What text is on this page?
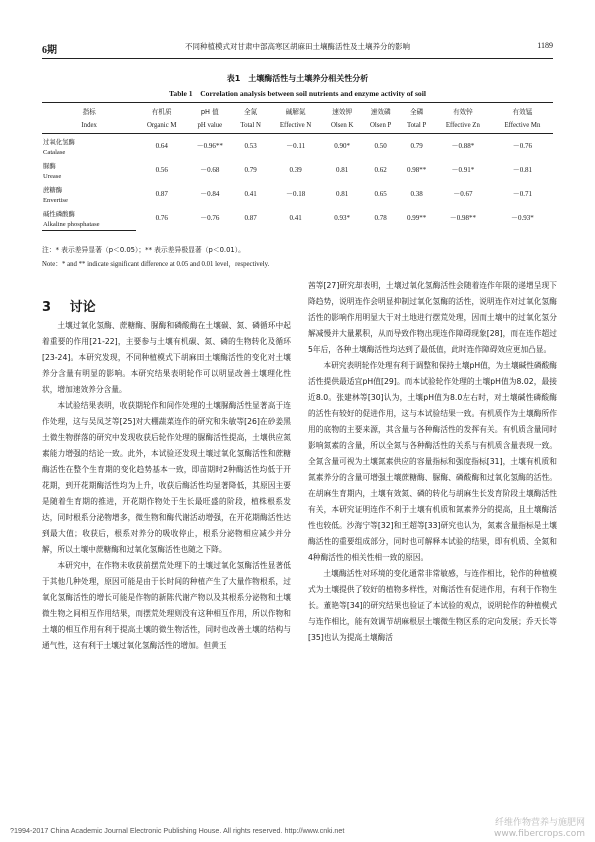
6期	不同种植模式对甘肃中部高寒区胡麻田土壤酶活性及土壤养分的影响	1189
表1　土壤酶活性与土壤养分相关性分析
Table 1　Correlation analysis between soil nutrients and enzyme activity of soil
指标	有机质	pH 值	全氮	碱解氮	速效钾	速效磷	全磷	有效锌	有效锰
Index	Organic M	pH value	Total N	Effective N	Olsen K	Olsen P	Total P	Effective Zn	Effective Mn
过氧化氢酶	0.64	－0.96**	0.53	－0.11	0.90*	0.50	0.79	－0.88*	－0.76
Catalase									
脲酶	0.56	－0.68	0.79	0.39	0.81	0.62	0.98**	－0.91*	－0.81
Urease									
蔗糖酶	0.87	－0.84	0.41	－0.18	0.81	0.65	0.38	－0.67	－0.71
Envertise									
碱性磷酸酶	0.76	－0.76	0.87	0.41	0.93*	0.78	0.99**	－0.98**	－0.93*
Alkaline phosphatase									
注：* 表示差异显著（p＜0.05）；** 表示差异极显著（p＜0.01）。
Note：* and ** indicate significant difference at 0.05 and 0.01 level，respectively.
3 讨论

土壤过氧化氢酶、蔗糖酶、脲酶和磷酸酶在土壤碳、氮、磷循环中起着重要的作用[21-22]，主要参与土壤有机碳、氮、磷的生物转化及循环[23-24]。本研究发现，不同种植模式下胡麻田土壤酶活性的变化对土壤养分含量有明显的影响。本研究结果表明轮作可以明显改善土壤理化性状，增加速效养分含量。

本试验结果表明，收获期轮作和间作处理的土壤脲酶活性显著高于连作处理，这与吴凤芝等[25]对大棚蔬菜连作的研究和朱敏等[26]在砂姜黑土微生物群落的研究中发现收获后轮作处理的脲酶活性提高，土壤供应氮素能力增强的结论一致。此外，本试验还发现土壤过氧化氢酶活性和蔗糖酶活性在整个生育期的变化趋势基本一致，即苗期时2种酶活性均低于开花期，到开花期酶活性均为上升，收获后酶活性均显著降低，其原因主要是随着生育期的推进，开花期作物处于生长最旺盛的阶段，植株根系发达，同时根系分泌物增多，微生物和酶代谢活动增强，在开花期酶活性达到最大值；收获后，根系对养分的吸收停止，根系分泌物相应减少并分解，所以土壤中蔗糖酶和过氧化氢酶活性也随之下降。

本研究中，在作物未收获前摆荒处理下的土壤过氧化氢酶活性显著低于其他几种处理，原因可能是由于长时间的种植产生了大量作物根系，过氧化氢酶活性的增长可能是作物的新陈代谢产物以及其根系分泌物和土壤微生物之间相互作用结果，而摆荒处理则没有这种相互作用，所以作物和土壤的相互作用有利于提高土壤的微生物活性，同时也改善土壤的结构与通气性，这有利于土壤过氧化氢酶活性的增加。但黄玉

茜等[27]研究却表明，土壤过氧化氢酶活性会随着连作年限的递增呈现下降趋势，说明连作会明显抑制过氧化氢酶的活性，说明连作对过氧化氢酶活性的影响作用明显大于对土地进行摆荒处理，因而土壤中的过氧化氢分解减慢并大量累积，从而导致作物出现连作障碍现象[28]，而在连作超过5年后，各种土壤酶活性均达到了最低值，此时连作障碍效应更加凸显。

本研究表明轮作处理有利于调整和保持土壤pH值，为土壤碱性磷酸酶活性提供最适宜pH值[29]。而本试验轮作处理的土壤pH值为8.02，最接近8.0。张建林等[30]认为，土壤pH值为8.0左右时，对土壤碱性磷酸酶的活性有较好的促进作用，这与本试验结果一致。有机质作为土壤酶所作用的底物的主要来源，其含量与各种酶活性的发挥有关。有机质含量同时影响氮素的含量，所以全氮与各种酶活性的关系与有机质含量表现一致。全氮含量可视为土壤氮素供应的容量指标和强度指标[31]，土壤有机质和氮素养分的含量可增强土壤蔗糖酶、脲酶、磷酸酶和过氧化氢酶的活性。在胡麻生育期内，土壤有效氮、磷的转化与胡麻生长发育阶段土壤酶活性有关，本研究证明连作不利于土壤有机质和氮素养分的提高，且土壤酶活性也较低。沙海宁等[32]和王超等[33]研究也认为，氮素含量指标是土壤酶活性的重要组成部分，同时也可解释本试验的结果，即有机质、全氮和4种酶活性的相关性相一致的原因。

土壤酶活性对环境的变化通常非常敏感，与连作相比，轮作的种植模式为土壤提供了较好的植物多样性，对酶活性有促进作用，有利于作物生长。董艳等[34]的研究结果也验证了本试验的观点，说明轮作的种植模式与连作相比，能有效调节胡麻根层土壤微生物区系的定向发展；乔天长等[35]也认为提高土壤酶活

?1994-2017 China Academic Journal Electronic Publishing House. All rights reserved. http://www.cnki.net
纤维作物营养与施肥网
www.fibercrops.com
